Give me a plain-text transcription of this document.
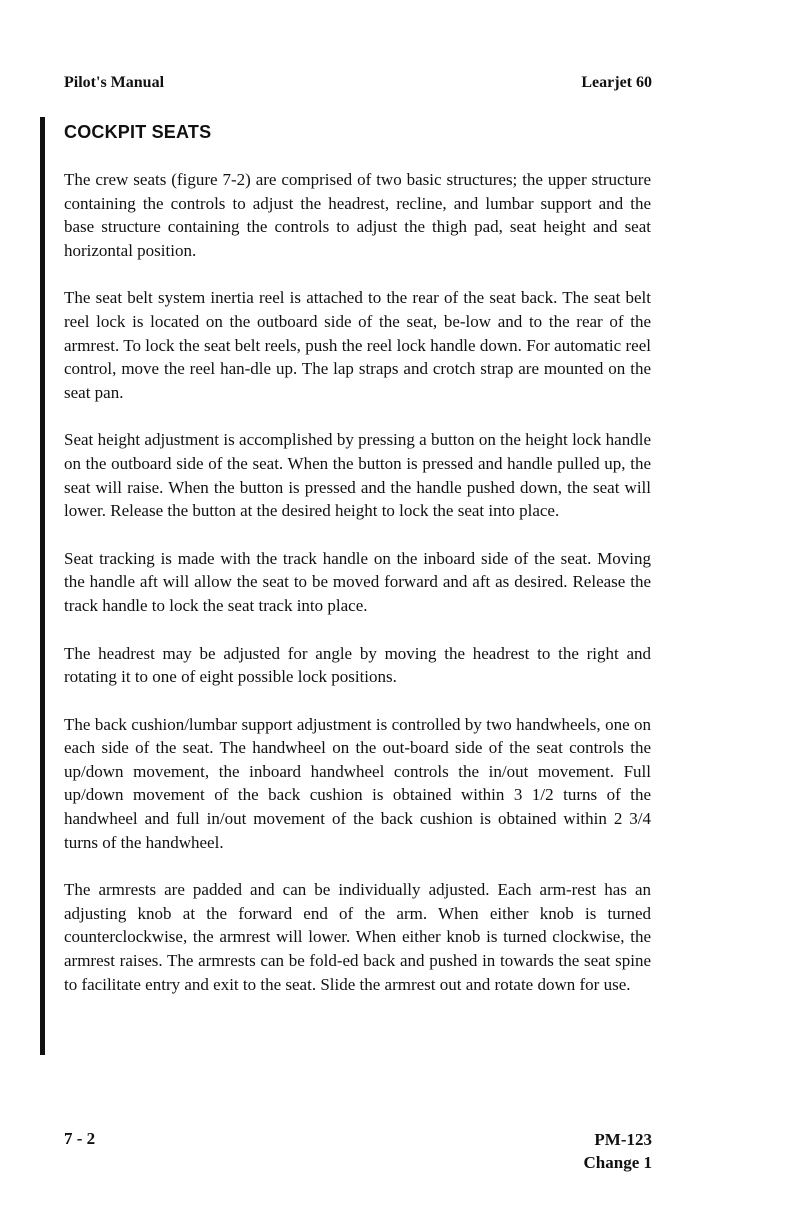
Pilot's Manual	Learjet 60
COCKPIT SEATS

The crew seats (figure 7-2) are comprised of two basic structures; the upper structure containing the controls to adjust the headrest, recline, and lumbar support and the base structure containing the controls to adjust the thigh pad, seat height and seat horizontal position.

The seat belt system inertia reel is attached to the rear of the seat back. The seat belt reel lock is located on the outboard side of the seat, be-low and to the rear of the armrest. To lock the seat belt reels, push the reel lock handle down. For automatic reel control, move the reel han-dle up. The lap straps and crotch strap are mounted on the seat pan.

Seat height adjustment is accomplished by pressing a button on the height lock handle on the outboard side of the seat. When the button is pressed and handle pulled up, the seat will raise. When the button is pressed and the handle pushed down, the seat will lower. Release the button at the desired height to lock the seat into place.

Seat tracking is made with the track handle on the inboard side of the seat. Moving the handle aft will allow the seat to be moved forward and aft as desired. Release the track handle to lock the seat track into place.

The headrest may be adjusted for angle by moving the headrest to the right and rotating it to one of eight possible lock positions.

The back cushion/lumbar support adjustment is controlled by two handwheels, one on each side of the seat. The handwheel on the out-board side of the seat controls the up/down movement, the inboard handwheel controls the in/out movement. Full up/down movement of the back cushion is obtained within 3 1/2 turns of the handwheel and full in/out movement of the back cushion is obtained within 2 3/4 turns of the handwheel.

The armrests are padded and can be individually adjusted. Each arm-rest has an adjusting knob at the forward end of the arm. When either knob is turned counterclockwise, the armrest will lower. When either knob is turned clockwise, the armrest raises. The armrests can be fold-ed back and pushed in towards the seat spine to facilitate entry and exit to the seat. Slide the armrest out and rotate down for use.

7 - 2	PM-123
Change 1
